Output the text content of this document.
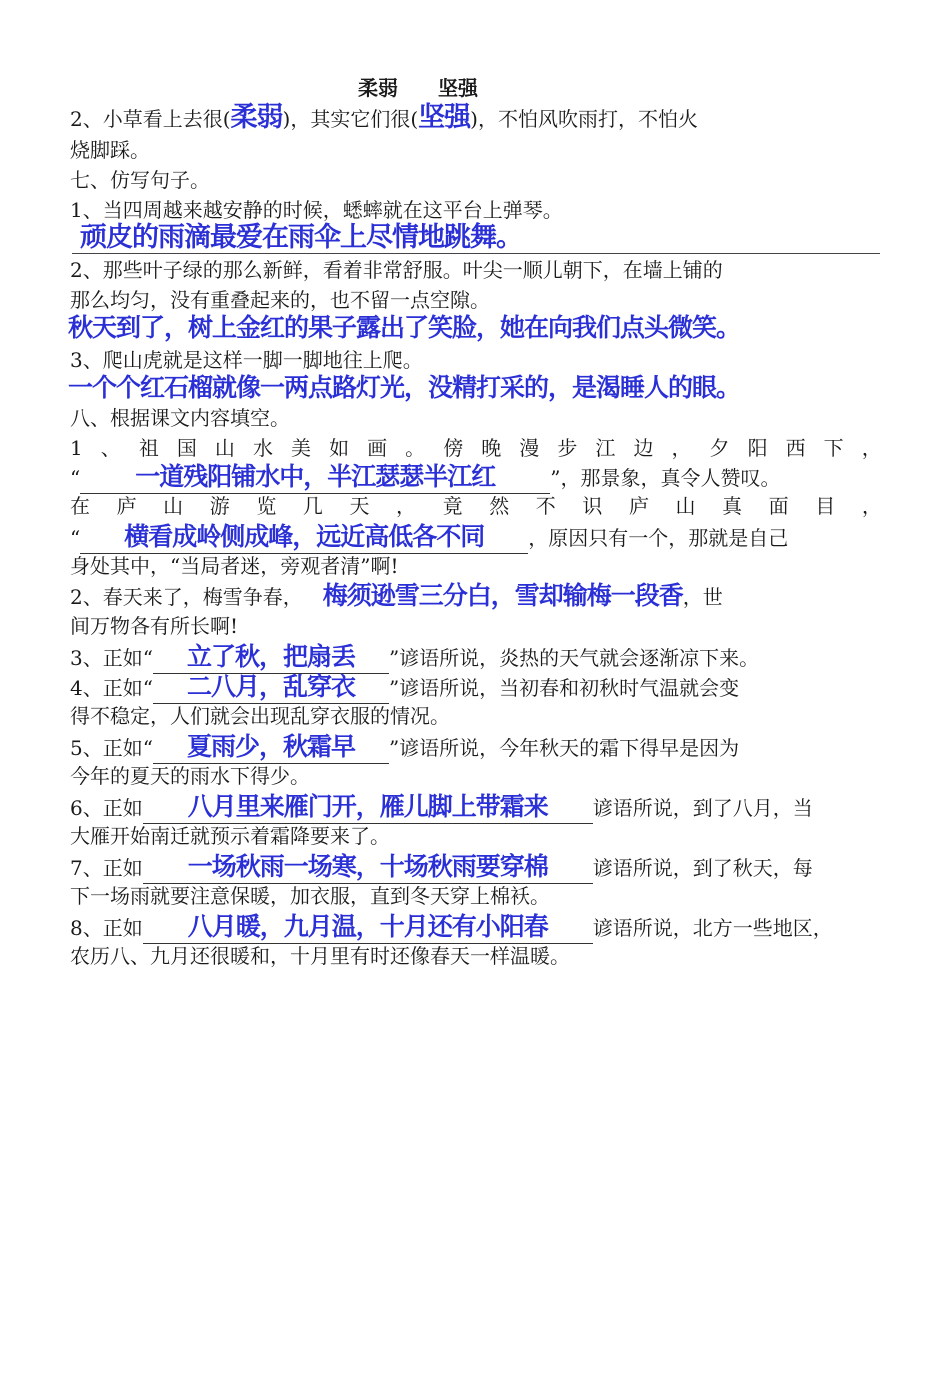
柔弱 坚强
2、小草看上去很(柔弱)，其实它们很(坚强)，不怕风吹雨打，不怕火
烧脚踩。
七、仿写句子。
1、当四周越来越安静的时候，蟋蟀就在这平台上弹琴。
顽皮的雨滴最爱在雨伞上尽情地跳舞。
2、那些叶子绿的那么新鲜，看着非常舒服。叶尖一顺儿朝下，在墙上铺的
那么均匀，没有重叠起来的，也不留一点空隙。
秋天到了，树上金红的果子露出了笑脸，她在向我们点头微笑。
3、爬山虎就是这样一脚一脚地往上爬。
一个个红石榴就像一两点路灯光，没精打采的，是渴睡人的眼。
八、根据课文内容填空。
1 、 祖 国 山 水 美 如 画 。 傍 晚 漫 步 江 边 ， 夕 阳 西 下 ，
“ 一道残阳铺水中，半江瑟瑟半江红	”，那景象，真令人赞叹。
在 庐 山 游 览 几 天 ， 竟 然 不 识 庐 山 真 面 目 ，
“ 横看成岭侧成峰，远近高低各不同 ，原因只有一个，那就是自己
身处其中，“当局者迷，旁观者清”啊!
2、春天来了，梅雪争春， 梅须逊雪三分白，雪却输梅一段香，世
间万物各有所长啊!
3、正如“ 立了秋，把扇丢 ”谚语所说，炎热的天气就会逐渐凉下来。
4、正如“ 二八月，乱穿衣 ”谚语所说，当初春和初秋时气温就会变
得不稳定，人们就会出现乱穿衣服的情况。
5、正如“ 夏雨少，秋霜早 ”谚语所说，今年秋天的霜下得早是因为
今年的夏天的雨水下得少。
6、正如 八月里来雁门开，雁儿脚上带霜来 谚语所说，到了八月，当
大雁开始南迁就预示着霜降要来了。
7、正如 一场秋雨一场寒，十场秋雨要穿棉 谚语所说，到了秋天，每
下一场雨就要注意保暖，加衣服，直到冬天穿上棉袄。
8、正如 八月暖，九月温，十月还有小阳春 谚语所说，北方一些地区，
农历八、九月还很暖和，十月里有时还像春天一样温暖。
